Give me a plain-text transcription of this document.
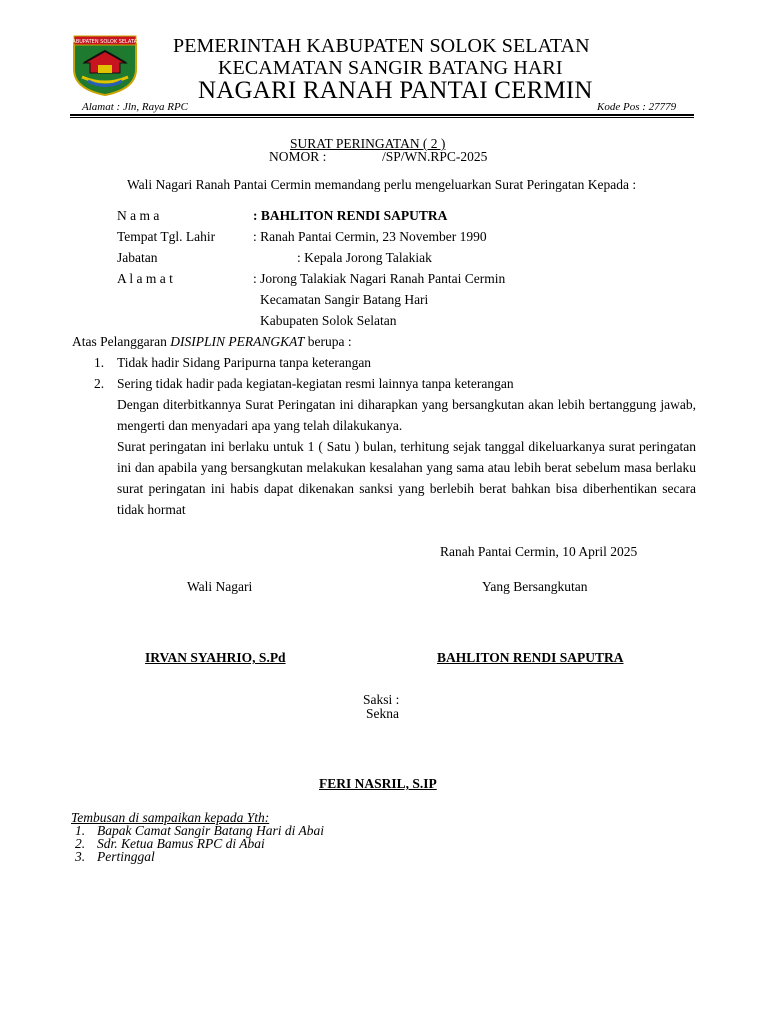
KABUPATEN SOLOK SELATAN PEMERINTAH KABUPATEN SOLOK SELATAN
KECAMATAN SANGIR BATANG HARI
NAGARI RANAH PANTAI CERMIN
Alamat : Jln, Raya RPC	Kode Pos : 27779
SURAT PERINGATAN ( 2 )
NOMOR :	/SP/WN.RPC-2025
Wali Nagari Ranah Pantai Cermin memandang perlu mengeluarkan Surat Peringatan Kepada :
N a m a	: BAHLITON RENDI SAPUTRA
Tempat Tgl. Lahir	: Ranah Pantai Cermin, 23 November 1990
Jabatan	: Kepala Jorong Talakiak
A l a m a t	: Jorong Talakiak Nagari Ranah Pantai Cermin
Kecamatan Sangir Batang Hari
Kabupaten Solok Selatan
Atas Pelanggaran DISIPLIN PERANGKAT berupa :
1. Tidak hadir Sidang Paripurna tanpa keterangan
2. Sering tidak hadir pada kegiatan-kegiatan resmi lainnya tanpa keterangan
Dengan diterbitkannya Surat Peringatan ini diharapkan yang bersangkutan akan lebih bertanggung jawab, mengerti dan menyadari apa yang telah dilakukanya.
Surat peringatan ini berlaku untuk 1 ( Satu ) bulan, terhitung sejak tanggal dikeluarkanya surat peringatan ini dan apabila yang bersangkutan melakukan kesalahan yang sama atau lebih berat sebelum masa berlaku surat peringatan ini habis dapat dikenakan sanksi yang berlebih berat bahkan bisa diberhentikan secara tidak hormat
Ranah Pantai Cermin, 10 April 2025
Wali Nagari	Yang Bersangkutan
IRVAN SYAHRIO, S.Pd	BAHLITON RENDI SAPUTRA
Saksi :
Sekna
FERI NASRIL, S.IP
Tembusan di sampaikan kepada Yth:
1. Bapak Camat Sangir Batang Hari di Abai
2. Sdr. Ketua Bamus RPC di Abai
3. Pertinggal
